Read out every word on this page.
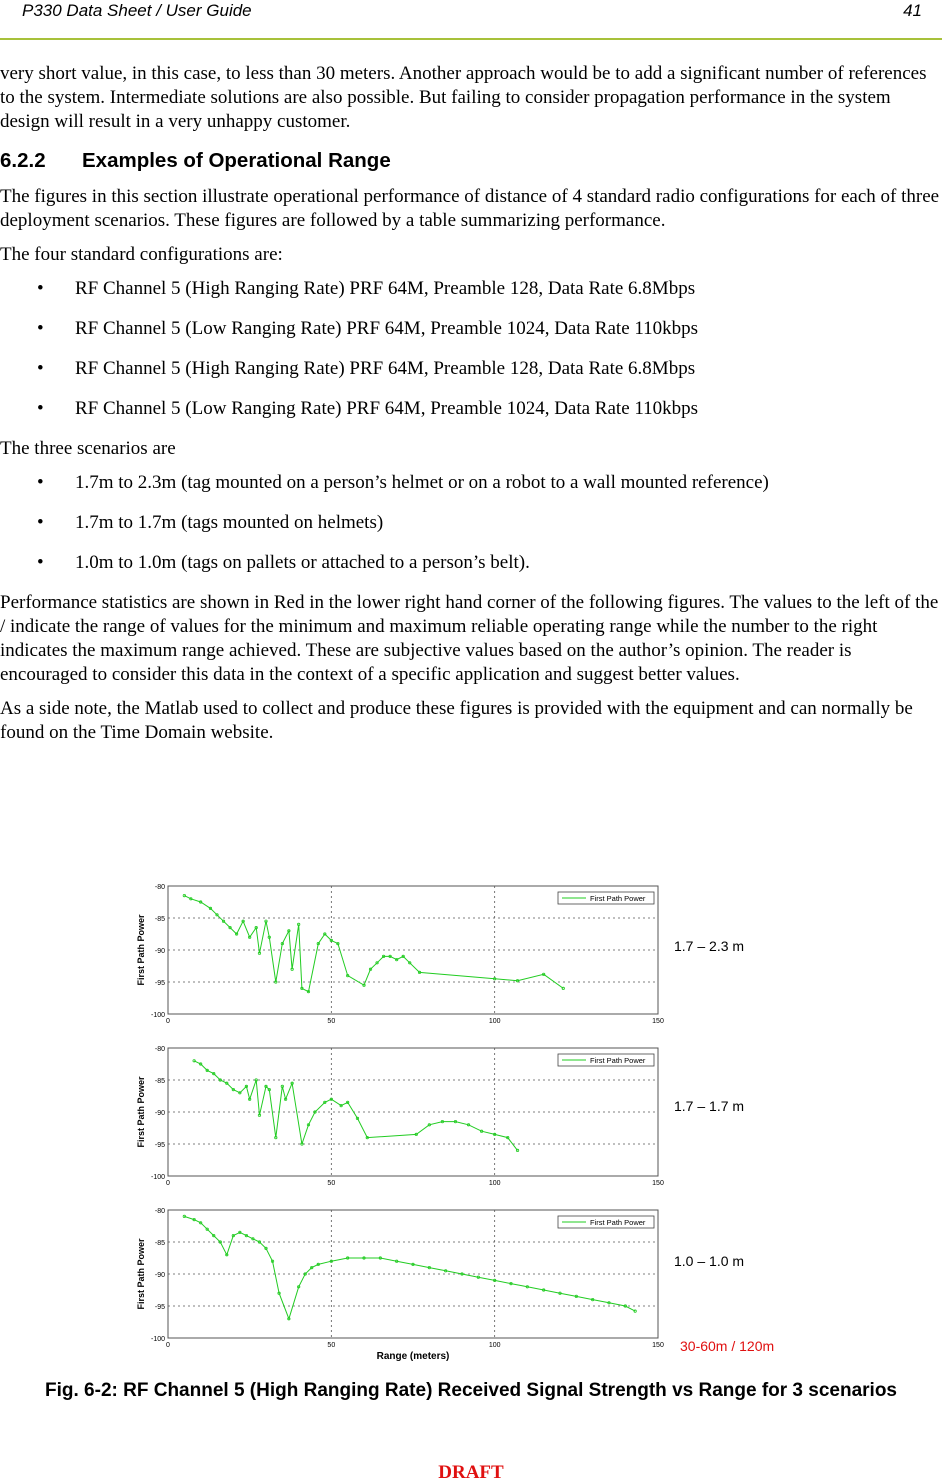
P330 Data Sheet / User Guide	41

very short value, in this case, to less than 30 meters. Another approach would be to add a significant number of references to the system. Intermediate solutions are also possible. But failing to consider propagation performance in the system design will result in a very unhappy customer.

6.2.2 Examples of Operational Range

The figures in this section illustrate operational performance of distance of 4 standard radio configurations for each of three deployment scenarios. These figures are followed by a table summarizing performance.

The four standard configurations are:

• RF Channel 5 (High Ranging Rate) PRF 64M, Preamble 128, Data Rate 6.8Mbps
• RF Channel 5 (Low Ranging Rate) PRF 64M, Preamble 1024, Data Rate 110kbps
• RF Channel 5 (High Ranging Rate) PRF 64M, Preamble 128, Data Rate 6.8Mbps
• RF Channel 5 (Low Ranging Rate) PRF 64M, Preamble 1024, Data Rate 110kbps

The three scenarios are

• 1.7m to 2.3m (tag mounted on a person’s helmet or on a robot to a wall mounted reference)
• 1.7m to 1.7m (tags mounted on helmets)
• 1.0m to 1.0m (tags on pallets or attached to a person’s belt).

Performance statistics are shown in Red in the lower right hand corner of the following figures. The values to the left of the / indicate the range of values for the minimum and maximum reliable operating range while the number to the right indicates the maximum range achieved. These are subjective values based on the author’s opinion. The reader is encouraged to consider this data in the context of a specific application and suggest better values.

As a side note, the Matlab used to collect and produce these figures is provided with the equipment and can normally be found on the Time Domain website.

-80
-85
-90
-95
-100
0	50	100	150
First Path Power
First Path Power
1.7 – 2.3 m
-80
-85
-90
-95
-100
0	50	100	150
First Path Power
First Path Power
1.7 – 1.7 m
-80
-85
-90
-95
-100
0	50	100	150
First Path Power
Range (meters)
First Path Power
1.0 – 1.0 m
30-60m / 120m
Fig. 6-2: RF Channel 5 (High Ranging Rate) Received Signal Strength vs Range for 3 scenarios
DRAFT
